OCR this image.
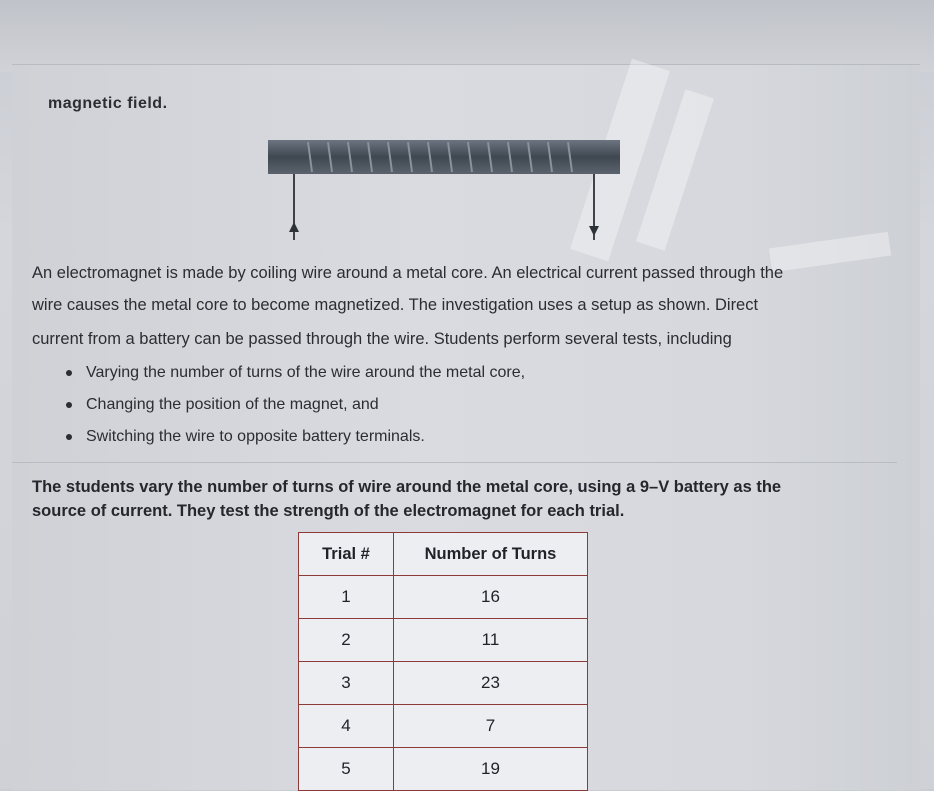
magnetic field.
An electromagnet is made by coiling wire around a metal core. An electrical current passed through the
wire causes the metal core to become magnetized. The investigation uses a setup as shown. Direct
current from a battery can be passed through the wire. Students perform several tests, including
Varying the number of turns of the wire around the metal core,
Changing the position of the magnet, and
Switching the wire to opposite battery terminals.
The students vary the number of turns of wire around the metal core, using a 9–V battery as the
source of current. They test the strength of the electromagnet for each trial.
Trial #	Number of Turns
1	16
2	11
3	23
4	7
5	19
